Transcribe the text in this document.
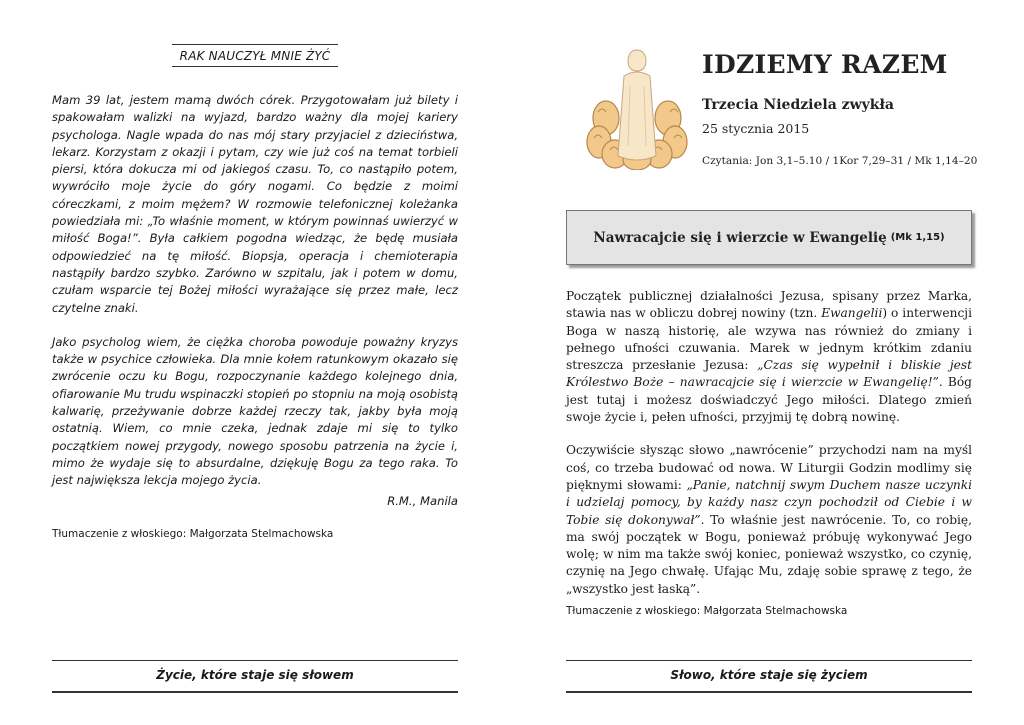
RAK NAUCZYŁ MNIE ŻYĆ

Mam 39 lat, jestem mamą dwóch córek. Przygotowałam już bilety i spakowałam walizki na wyjazd, bardzo ważny dla mojej kariery psychologa. Nagle wpada do nas mój stary przyjaciel z dzieciństwa, lekarz. Korzystam z okazji i pytam, czy wie już coś na temat torbieli piersi, która dokucza mi od jakiegoś czasu. To, co nastąpiło potem, wywróciło moje życie do góry nogami. Co będzie z moimi córeczkami, z moim mężem? W rozmowie telefonicznej koleżanka powiedziała mi: „To właśnie moment, w którym powinnaś uwierzyć w miłość Boga!”. Była całkiem pogodna wiedząc, że będę musiała odpowiedzieć na tę miłość. Biopsja, operacja i chemioterapia nastąpiły bardzo szybko. Zarówno w szpitalu, jak i potem w domu, czułam wsparcie tej Bożej miłości wyrażające się przez małe, lecz czytelne znaki.

Jako psycholog wiem, że ciężka choroba powoduje poważny kryzys także w psychice człowieka. Dla mnie kołem ratunkowym okazało się zwrócenie oczu ku Bogu, rozpoczynanie każdego kolejnego dnia, ofiarowanie Mu trudu wspinaczki stopień po stopniu na moją osobistą kalwarię, przeżywanie dobrze każdej rzeczy tak, jakby była moją ostatnią. Wiem, co mnie czeka, jednak zdaje mi się to tylko początkiem nowej przygody, nowego sposobu patrzenia na życie i, mimo że wydaje się to absurdalne, dziękuję Bogu za tego raka. To jest największa lekcja mojego życia.

R.M., Manila
Tłumaczenie z włoskiego: Małgorzata Stelmachowska
Życie, które staje się słowem
IDZIEMY RAZEM
Trzecia Niedziela zwykła
25 stycznia 2015
Czytania: Jon 3,1–5.10 / 1Kor 7,29–31 / Mk 1,14–20
Nawracajcie się i wierzcie w Ewangelię (Mk 1,15)

Początek publicznej działalności Jezusa, spisany przez Marka, stawia nas w obliczu dobrej nowiny (tzn. Ewangelii) o interwencji Boga w naszą historię, ale wzywa nas również do zmiany i pełnego ufności czuwania. Marek w jednym krótkim zdaniu streszcza przesłanie Jezusa: „Czas się wypełnił i bliskie jest Królestwo Boże – nawracajcie się i wierzcie w Ewangelię!”. Bóg jest tutaj i możesz doświadczyć Jego miłości. Dlatego zmień swoje życie i, pełen ufności, przyjmij tę dobrą nowinę.

Oczywiście słysząc słowo „nawrócenie” przychodzi nam na myśl coś, co trzeba budować od nowa. W Liturgii Godzin modlimy się pięknymi słowami: „Panie, natchnij swym Duchem nasze uczynki i udzielaj pomocy, by każdy nasz czyn pochodził od Ciebie i w Tobie się dokonywał”. To właśnie jest nawrócenie. To, co robię, ma swój początek w Bogu, ponieważ próbuję wykonywać Jego wolę; w nim ma także swój koniec, ponieważ wszystko, co czynię, czynię na Jego chwałę. Ufając Mu, zdaję sobie sprawę z tego, że „wszystko jest łaską”.

Tłumaczenie z włoskiego: Małgorzata Stelmachowska
Słowo, które staje się życiem
